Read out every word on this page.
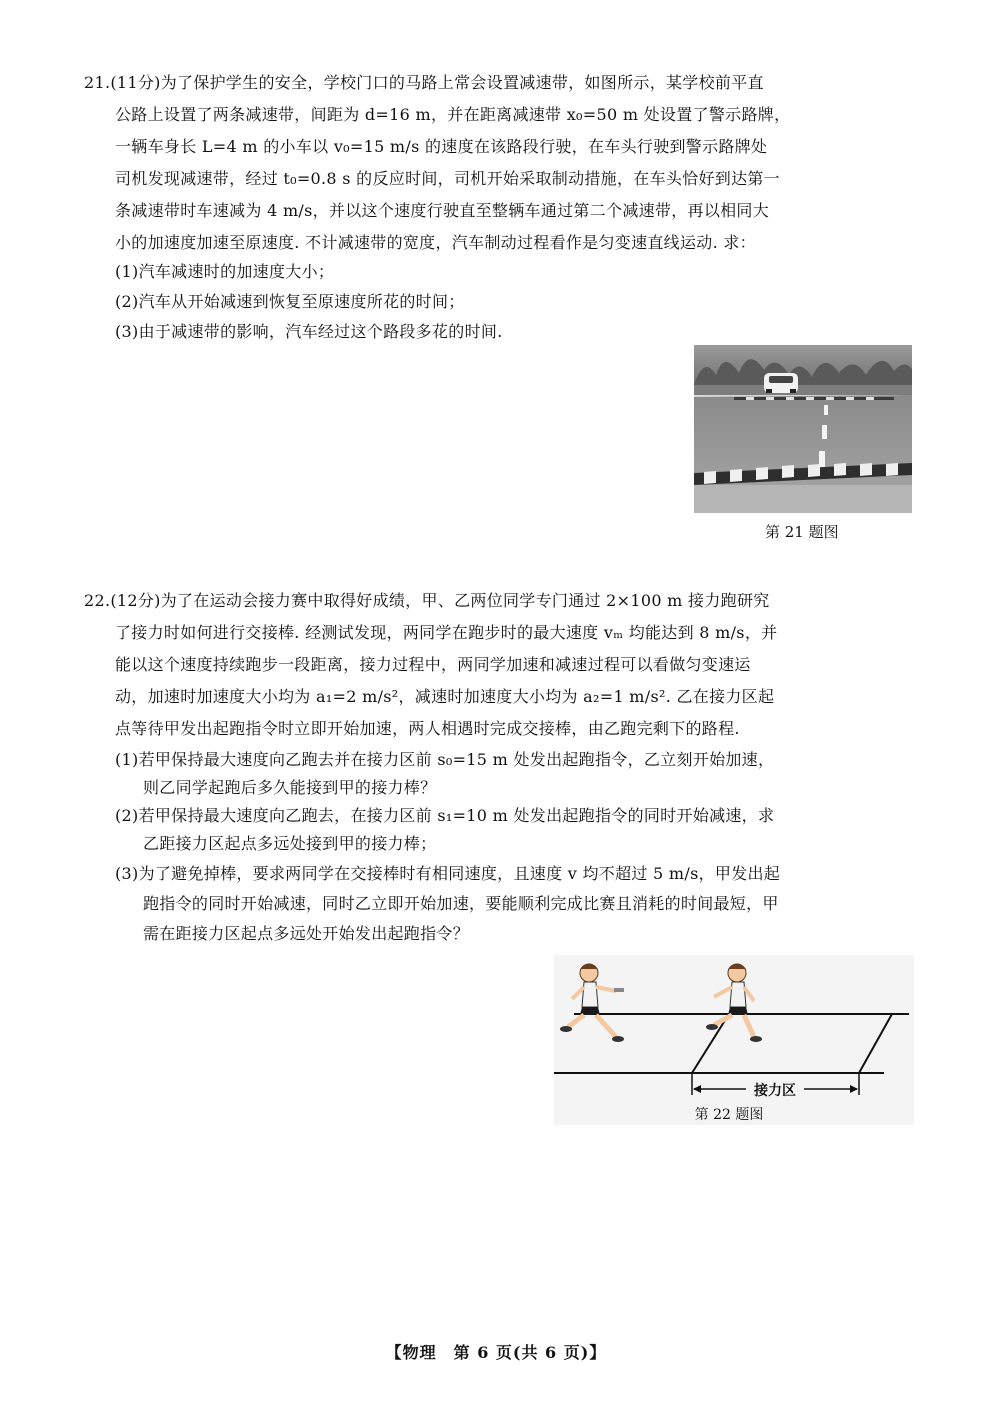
21.(11分)为了保护学生的安全，学校门口的马路上常会设置减速带，如图所示，某学校前平直
公路上设置了两条减速带，间距为 d=16 m，并在距离减速带 x₀=50 m 处设置了警示路牌，
一辆车身长 L=4 m 的小车以 v₀=15 m/s 的速度在该路段行驶，在车头行驶到警示路牌处
司机发现减速带，经过 t₀=0.8 s 的反应时间，司机开始采取制动措施，在车头恰好到达第一
条减速带时车速减为 4 m/s，并以这个速度行驶直至整辆车通过第二个减速带，再以相同大
小的加速度加速至原速度. 不计减速带的宽度，汽车制动过程看作是匀变速直线运动. 求：
(1)汽车减速时的加速度大小；
(2)汽车从开始减速到恢复至原速度所花的时间；
(3)由于减速带的影响，汽车经过这个路段多花的时间.
第 21 题图
22.(12分)为了在运动会接力赛中取得好成绩，甲、乙两位同学专门通过 2×100 m 接力跑研究
了接力时如何进行交接棒. 经测试发现，两同学在跑步时的最大速度 vₘ 均能达到 8 m/s，并
能以这个速度持续跑步一段距离，接力过程中，两同学加速和减速过程可以看做匀变速运
动，加速时加速度大小均为 a₁=2 m/s²，减速时加速度大小均为 a₂=1 m/s². 乙在接力区起
点等待甲发出起跑指令时立即开始加速，两人相遇时完成交接棒，由乙跑完剩下的路程.
(1)若甲保持最大速度向乙跑去并在接力区前 s₀=15 m 处发出起跑指令，乙立刻开始加速，
则乙同学起跑后多久能接到甲的接力棒？
(2)若甲保持最大速度向乙跑去，在接力区前 s₁=10 m 处发出起跑指令的同时开始减速，求
乙距接力区起点多远处接到甲的接力棒；
(3)为了避免掉棒，要求两同学在交接棒时有相同速度，且速度 v 均不超过 5 m/s，甲发出起
跑指令的同时开始减速，同时乙立即开始加速，要能顺利完成比赛且消耗的时间最短，甲
需在距接力区起点多远处开始发出起跑指令？
接力区
第 22 题图
【物理　第 6 页(共 6 页)】
